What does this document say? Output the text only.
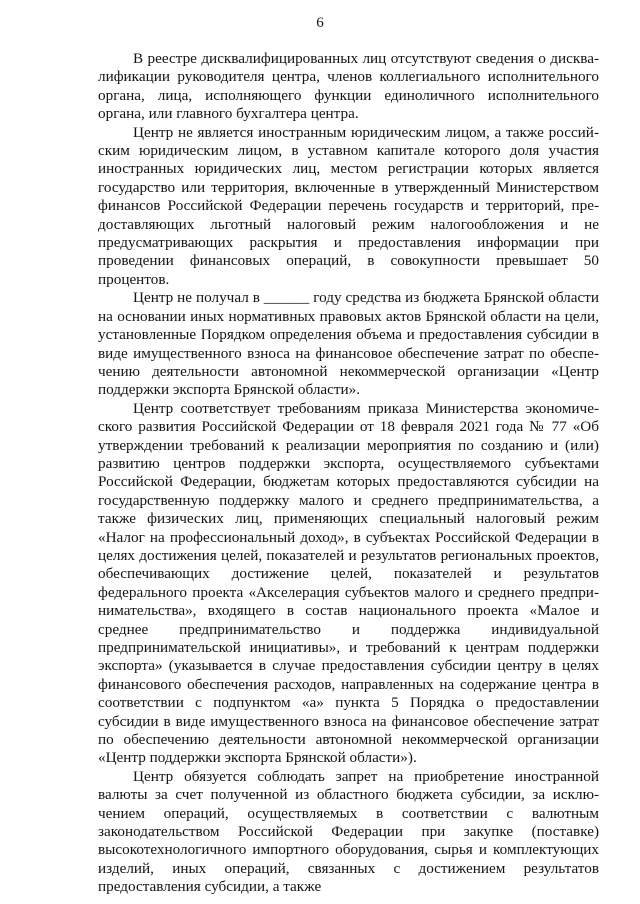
6

В реестре дисквалифицированных лиц отсутствуют сведения о дисквалификации руководителя центра, членов коллегиального исполнительного органа, лица, исполняющего функции единоличного исполнительного органа, или главного бухгалтера центра.

Центр не является иностранным юридическим лицом, а также российским юридическим лицом, в уставном капитале которого доля участия иностранных юридических лиц, местом регистрации которых является государство или территория, включенные в утвержденный Министерством финансов Российской Федерации перечень государств и территорий, предоставляющих льготный налоговый режим налогообложения и не предусматривающих раскрытия и предоставления информации при проведении финансовых операций, в совокупности превышает 50 процентов.

Центр не получал в ______ году средства из бюджета Брянской области на основании иных нормативных правовых актов Брянской области на цели, установленные Порядком определения объема и предоставления субсидии в виде имущественного взноса на финансовое обеспечение затрат по обеспечению деятельности автономной некоммерческой организации «Центр поддержки экспорта Брянской области».

Центр соответствует требованиям приказа Министерства экономического развития Российской Федерации от 18 февраля 2021 года № 77 «Об утверждении требований к реализации мероприятия по созданию и (или) развитию центров поддержки экспорта, осуществляемого субъектами Российской Федерации, бюджетам которых предоставляются субсидии на государственную поддержку малого и среднего предпринимательства, а также физических лиц, применяющих специальный налоговый режим «Налог на профессиональный доход», в субъектах Российской Федерации в целях достижения целей, показателей и результатов региональных проектов, обеспечивающих достижение целей, показателей и результатов федерального проекта «Акселерация субъектов малого и среднего предпринимательства», входящего в состав национального проекта «Малое и среднее предпринимательство и поддержка индивидуальной предпринимательской инициативы», и требований к центрам поддержки экспорта» (указывается в случае предоставления субсидии центру в целях финансового обеспечения расходов, направленных на содержание центра в соответствии с подпунктом «а» пункта 5 Порядка о предоставлении субсидии в виде имущественного взноса на финансовое обеспечение затрат по обеспечению деятельности автономной некоммерческой организации «Центр поддержки экспорта Брянской области»).

Центр обязуется соблюдать запрет на приобретение иностранной валюты за счет полученной из областного бюджета субсидии, за исключением операций, осуществляемых в соответствии с валютным законодательством Российской Федерации при закупке (поставке) высокотехнологичного импортного оборудования, сырья и комплектующих изделий, иных операций, связанных с достижением результатов предоставления субсидии, а также
